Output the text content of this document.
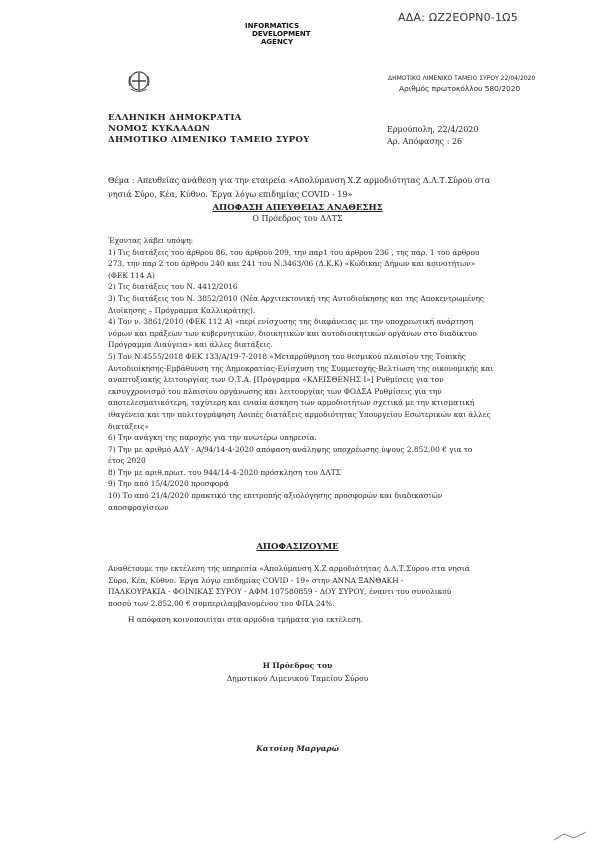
ΑΔΑ: ΩΖ2ΕΟΡΝ0-1Ω5
INFORMATICS
DEVELOPMENT
AGENCY
ΔΗΜΟΤΙΚΟ ΛΙΜΕΝΙΚΟ ΤΑΜΕΙΟ ΣΥΡΟΥ 22/04/2020
Αριθμός πρωτοκόλλου 580/2020
ΕΛΛΗΝΙΚΗ ΔΗΜΟΚΡΑΤΙΑ
ΝΟΜΟΣ ΚΥΚΛΑΔΩΝ
ΔΗΜΟΤΙΚΟ ΛΙΜΕΝΙΚΟ ΤΑΜΕΙΟ ΣΥΡΟΥ
Ερμούπολη, 22/4/2020
Αρ. Απόφασης : 26
Θέμα : Απευθείας ανάθεση για την εταιρεία «Απολύμανση Χ.Ζ αρμοδιότητας Δ.Λ.Τ.Σύρου στα νησιά Σύρο, Κέα, Κύθνο. Έργα λόγω επιδημίας COVID - 19»
ΑΠΟΦΑΣΗ ΑΠΕΥΘΕΙΑΣ ΑΝΑΘΕΣΗΣ
Ο Πρόεδρος του ΔΛΤΣ
Έχοντας λάβει υπόψη:
1) Τις διατάξεις του άρθρου 86, του άρθρου 209, την παρ1 του άρθρου 236 , της παρ. 1 του άρθρου
273, την παρ 2 του άρθρου 240 και 241 του Ν.3463/06 (Δ.Κ.Κ) «Κώδικας Δήμων και κοινοτήτων»
(ΦΕΚ 114 Α)
2) Τις διατάξεις του Ν. 4412/2016
3) Τις διατάξεις του Ν. 3852/2010 (Νέα Αρχιτεκτονική της Αυτοδιοίκησης και της Αποκεντρωμένης
Διοίκησης – Πρόγραμμα Καλλικράτης).
4) Τον ν. 3861/2010 (ΦΕΚ 112 Α) «περί ενίσχυσης της διαφάνειας με την υποχρεωτική ανάρτηση
νόμων και πράξεων των κυβερνητικών, διοικητικών και αυτοδιοικητικών οργάνων στο διαδίκτυο
Πρόγραμμα Διαύγεια» και άλλες διατάξεις.
5) Τον Ν.4555/2018 ΦΕΚ 133/Α/19-7-2018 «Μεταρρύθμιση του θεσμικού πλαισίου της Τοπικής
Αυτοδιοίκησης-Εμβάθυνση της Δημοκρατίας-Ενίσχυση της Συμμετοχής-Βελτίωση της οικονομικής και
αναπτυξιακής λειτουργίας των Ο.Τ.Α. [Πρόγραμμα «ΚΛΕΙΣΘΕΝΗΣ Ι»] Ρυθμίσεις για τον
εκσυγχρονισμό του πλαισίου οργάνωσης και λειτουργίας των ΦΟΔΣΑ Ρυθμίσεις για την
αποτελεσματικότερη, ταχύτερη και ενιαία άσκηση των αρμοδιοτήτων σχετικά με την κτισματική
ιθαγένεια και την πολιτογράφηση Λοιπές διατάξεις αρμοδιότητας Υπουργείου Εσωτερικών και άλλες
διατάξεις»
6) Την ανάγκη της παροχής για την ανωτέρω υπηρεσία.
7) Την με αριθμό ΑΔΥ - Α/94/14-4-2020 απόφαση ανάληψης υποχρέωσης ύψους 2.852,00 € για το
έτος 2020
8) Την με αριθ.πρωτ. του 944/14-4-2020 πρόσκληση του ΔΛΤΣ
9) Την από 15/4/2020 προσφορά
10) Το από 21/4/2020 πρακτικό της επιτροπής αξιολόγησης προσφορών και διαδικασιών
αποσφραγίσεων
ΑΠΟΦΑΣΙΖΟΥΜΕ
Αναθέτουμε την εκτέλεση της υπηρεσία «Απολύμανση Χ.Ζ αρμοδιότητας Δ.Λ.Τ.Σύρου στα νησιά
Σύρο, Κέα, Κύθνο. Έργα λόγω επιδημίας COVID - 19» στην ΑΝΝΑ ΞΑΝΘΑΚΗ -
ΠΑΛΚΟΥΡΑΚΙΑ - ΦΟΙΝΙΚΑΣ ΣΥΡΟΥ - ΑΦΜ 107580859 - ΔΟΥ ΣΥΡΟΥ, έναντι του συνολικού
ποσού των 2.852,00 € συμπεριλαμβανομένου του ΦΠΑ 24%.
Η απόφαση κοινοποιείται στα αρμόδια τμήματα για εκτέλεση.
Η Πρόεδρος του
Δημοτικού Λιμενικού Ταμείου Σύρου
Κατσίνη Μαργαρώ
